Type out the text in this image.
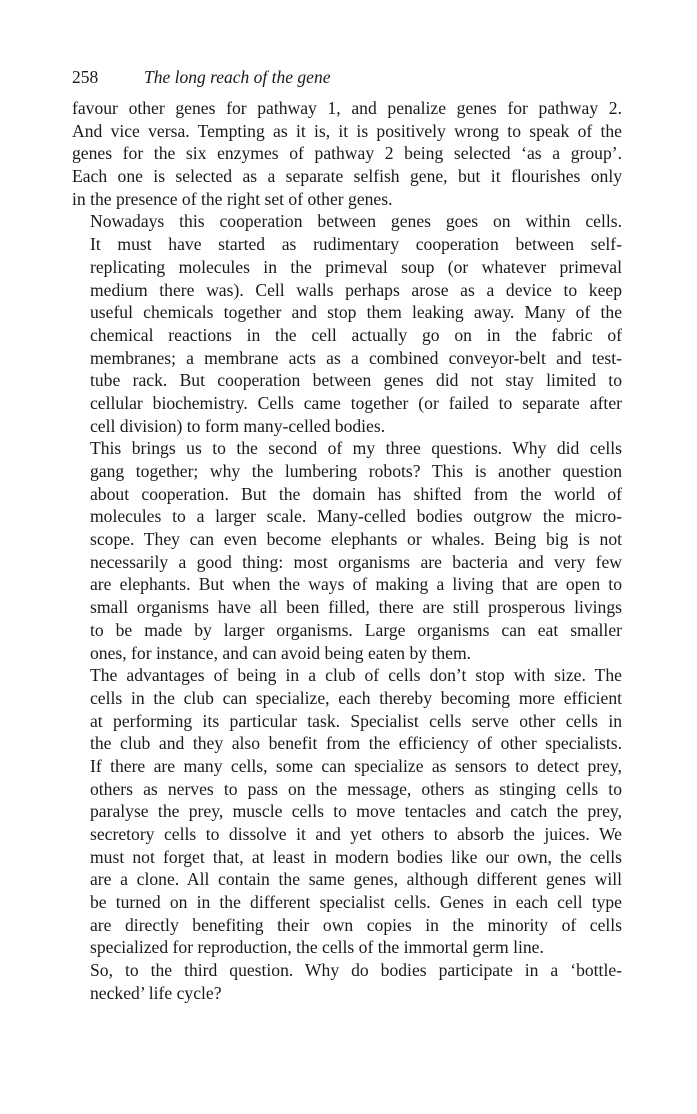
258	The long reach of the gene

favour other genes for pathway 1, and penalize genes for pathway 2.
And vice versa. Tempting as it is, it is positively wrong to speak of the
genes for the six enzymes of pathway 2 being selected ‘as a group’.
Each one is selected as a separate selfish gene, but it flourishes only
in the presence of the right set of other genes.

Nowadays this cooperation between genes goes on within cells.
It must have started as rudimentary cooperation between self-
replicating molecules in the primeval soup (or whatever primeval
medium there was). Cell walls perhaps arose as a device to keep
useful chemicals together and stop them leaking away. Many of the
chemical reactions in the cell actually go on in the fabric of
membranes; a membrane acts as a combined conveyor-belt and test-
tube rack. But cooperation between genes did not stay limited to
cellular biochemistry. Cells came together (or failed to separate after
cell division) to form many-celled bodies.

This brings us to the second of my three questions. Why did cells
gang together; why the lumbering robots? This is another question
about cooperation. But the domain has shifted from the world of
molecules to a larger scale. Many-celled bodies outgrow the micro-
scope. They can even become elephants or whales. Being big is not
necessarily a good thing: most organisms are bacteria and very few
are elephants. But when the ways of making a living that are open to
small organisms have all been filled, there are still prosperous livings
to be made by larger organisms. Large organisms can eat smaller
ones, for instance, and can avoid being eaten by them.

The advantages of being in a club of cells don’t stop with size. The
cells in the club can specialize, each thereby becoming more efficient
at performing its particular task. Specialist cells serve other cells in
the club and they also benefit from the efficiency of other specialists.
If there are many cells, some can specialize as sensors to detect prey,
others as nerves to pass on the message, others as stinging cells to
paralyse the prey, muscle cells to move tentacles and catch the prey,
secretory cells to dissolve it and yet others to absorb the juices. We
must not forget that, at least in modern bodies like our own, the cells
are a clone. All contain the same genes, although different genes will
be turned on in the different specialist cells. Genes in each cell type
are directly benefiting their own copies in the minority of cells
specialized for reproduction, the cells of the immortal germ line.

So, to the third question. Why do bodies participate in a ‘bottle-
necked’ life cycle?
